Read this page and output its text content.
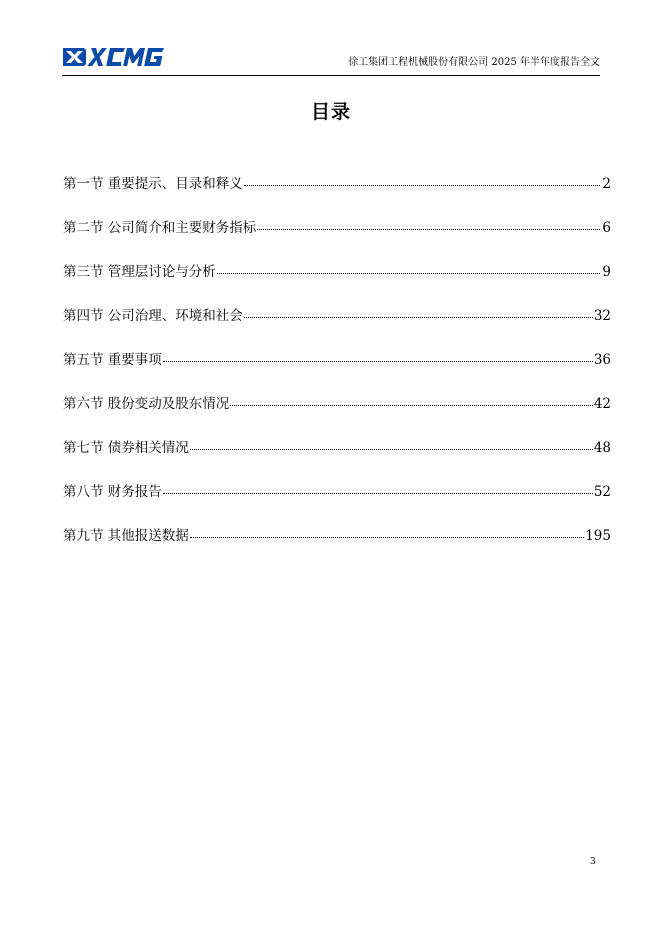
徐工集团工程机械股份有限公司 2025 年半年度报告全文
目录
第一节 重要提示、目录和释义	2
第二节 公司简介和主要财务指标	6
第三节 管理层讨论与分析	9
第四节 公司治理、环境和社会	32
第五节 重要事项	36
第六节 股份变动及股东情况	42
第七节 债券相关情况	48
第八节 财务报告	52
第九节 其他报送数据	195
3
